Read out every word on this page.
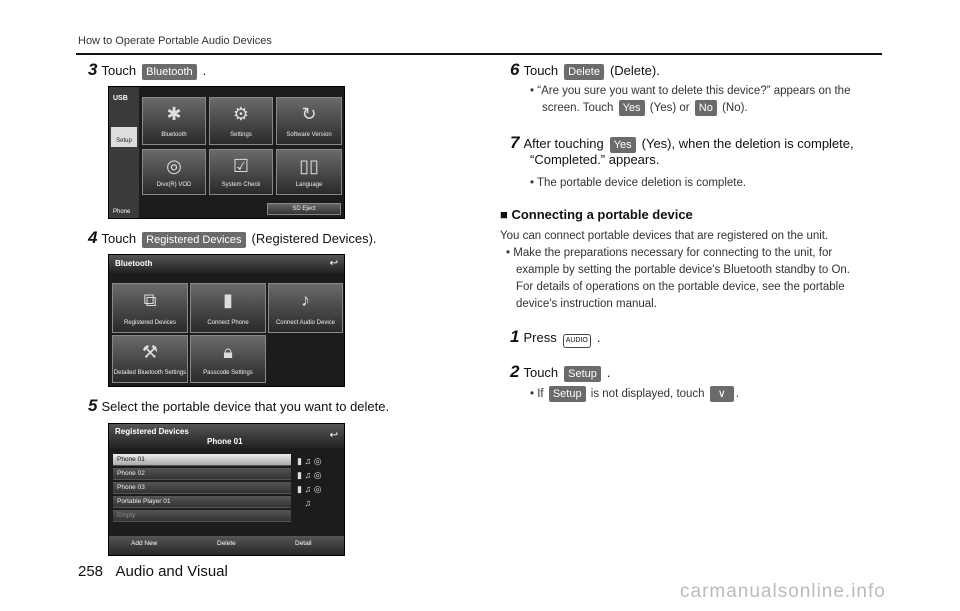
How to Operate Portable Audio Devices
3 Touch Bluetooth .
USB
Setup
Phone
✱
Bluetooth
⚙
Settings
↻
Software Version
◎
Divx(R) VOD
☑
System Check
▯▯
Language
SD Eject
4 Touch Registered Devices (Registered Devices).
Bluetooth	↩
⧉
Registered Devices
▮
Connect Phone
♪
Connect Audio Device
⚒
Detailed Bluetooth Settings
🔒︎
Passcode Settings
5 Select the portable device that you want to delete.
Registered Devices
Phone 01
↩
Phone 01
Phone 02
Phone 03
Portable Player 01
Empty
▮ ♫ ◎
▮ ♫ ◎
▮ ♫ ◎
♫
Add New	Delete	Detail
6 Touch Delete (Delete).
• “Are you sure you want to delete this device?” appears on the
screen. Touch Yes (Yes) or No (No).
7 After touching Yes (Yes), when the deletion is complete,
“Completed.” appears.
• The portable device deletion is complete.
■ Connecting a portable device
You can connect portable devices that are registered on the unit.
• Make the preparations necessary for connecting to the unit, for
example by setting the portable device's Bluetooth standby to On.
For details of operations on the portable device, see the portable
device's instruction manual.
1 Press	AUDIO .
2 Touch Setup .
• If Setup is not displayed, touch ∨ .
258 Audio and Visual
carmanualsonline.info
